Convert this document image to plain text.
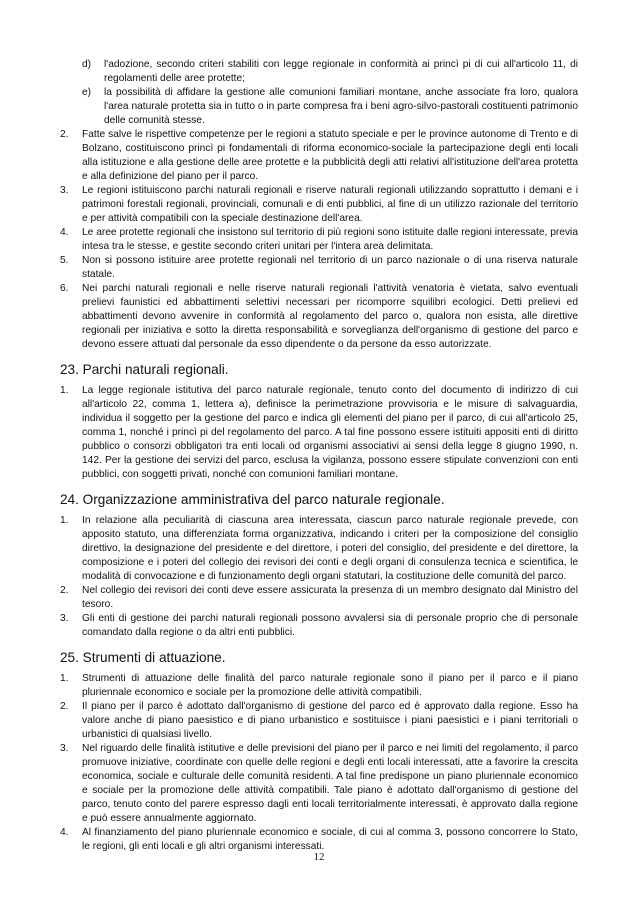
d)	l'adozione, secondo criteri stabiliti con legge regionale in conformità ai princì pi di cui all'articolo 11, di regolamenti delle aree protette;
e)	la possibilità di affidare la gestione alle comunioni familiari montane, anche associate fra loro, qualora l'area naturale protetta sia in tutto o in parte compresa fra i beni agro-silvo-pastorali costituenti patrimonio delle comunità stesse.
2.	Fatte salve le rispettive competenze per le regioni a statuto speciale e per le province autonome di Trento e di Bolzano, costituiscono princì pi fondamentali di riforma economico-sociale la partecipazione degli enti locali alla istituzione e alla gestione delle aree protette e la pubblicità degli atti relativi all'istituzione dell'area protetta e alla definizione del piano per il parco.
3.	Le regioni istituiscono parchi naturali regionali e riserve naturali regionali utilizzando soprattutto i demani e i patrimoni forestali regionali, provinciali, comunali e di enti pubblici, al fine di un utilizzo razionale del territorio e per attività compatibili con la speciale destinazione dell'area.
4.	Le aree protette regionali che insistono sul territorio di più regioni sono istituite dalle regioni interessate, previa intesa tra le stesse, e gestite secondo criteri unitari per l'intera area delimitata.
5.	Non si possono istituire aree protette regionali nel territorio di un parco nazionale o di una riserva naturale statale.
6.	Nei parchi naturali regionali e nelle riserve naturali regionali l'attività venatoria è vietata, salvo eventuali prelievi faunistici ed abbattimenti selettivi necessari per ricomporre squilibri ecologici. Detti prelievi ed abbattimenti devono avvenire in conformità al regolamento del parco o, qualora non esista, alle direttive regionali per iniziativa e sotto la diretta responsabilità e sorveglianza dell'organismo di gestione del parco e devono essere attuati dal personale da esso dipendente o da persone da esso autorizzate.
23. Parchi naturali regionali.
1.	La legge regionale istitutiva del parco naturale regionale, tenuto conto del documento di indirizzo di cui all'articolo 22, comma 1, lettera a), definisce la perimetrazione provvisoria e le misure di salvaguardia, individua il soggetto per la gestione del parco e indica gli elementi del piano per il parco, di cui all'articolo 25, comma 1, nonché i princì pi del regolamento del parco. A tal fine possono essere istituiti appositi enti di diritto pubblico o consorzi obbligatori tra enti locali od organismi associativi ai sensi della legge 8 giugno 1990, n. 142. Per la gestione dei servizi del parco, esclusa la vigilanza, possono essere stipulate convenzioni con enti pubblici, con soggetti privati, nonché con comunioni familiari montane.
24. Organizzazione amministrativa del parco naturale regionale.
1.	In relazione alla peculiarità di ciascuna area interessata, ciascun parco naturale regionale prevede, con apposito statuto, una differenziata forma organizzativa, indicando i criteri per la composizione del consiglio direttivo, la designazione del presidente e del direttore, i poteri del consiglio, del presidente e del direttore, la composizione e i poteri del collegio dei revisori dei conti e degli organi di consulenza tecnica e scientifica, le modalità di convocazione e di funzionamento degli organi statutari, la costituzione delle comunità del parco.
2.	Nel collegio dei revisori dei conti deve essere assicurata la presenza di un membro designato dal Ministro del tesoro.
3.	Gli enti di gestione dei parchi naturali regionali possono avvalersi sia di personale proprio che di personale comandato dalla regione o da altri enti pubblici.
25. Strumenti di attuazione.
1.	Strumenti di attuazione delle finalità del parco naturale regionale sono il piano per il parco e il piano pluriennale economico e sociale per la promozione delle attività compatibili.
2.	Il piano per il parco è adottato dall'organismo di gestione del parco ed è approvato dalla regione. Esso ha valore anche di piano paesistico e di piano urbanistico e sostituisce i piani paesistici e i piani territoriali o urbanistici di qualsiasi livello.
3.	Nel riguardo delle finalità istitutive e delle previsioni del piano per il parco e nei limiti del regolamento, il parco promuove iniziative, coordinate con quelle delle regioni e degli enti locali interessati, atte a favorire la crescita economica, sociale e culturale delle comunità residenti. A tal fine predispone un piano pluriennale economico e sociale per la promozione delle attività compatibili. Tale piano è adottato dall'organismo di gestione del parco, tenuto conto del parere espresso dagli enti locali territorialmente interessati, è approvato dalla regione e può essere annualmente aggiornato.
4.	Al finanziamento del piano pluriennale economico e sociale, di cui al comma 3, possono concorrere lo Stato, le regioni, gli enti locali e gli altri organismi interessati.
12
